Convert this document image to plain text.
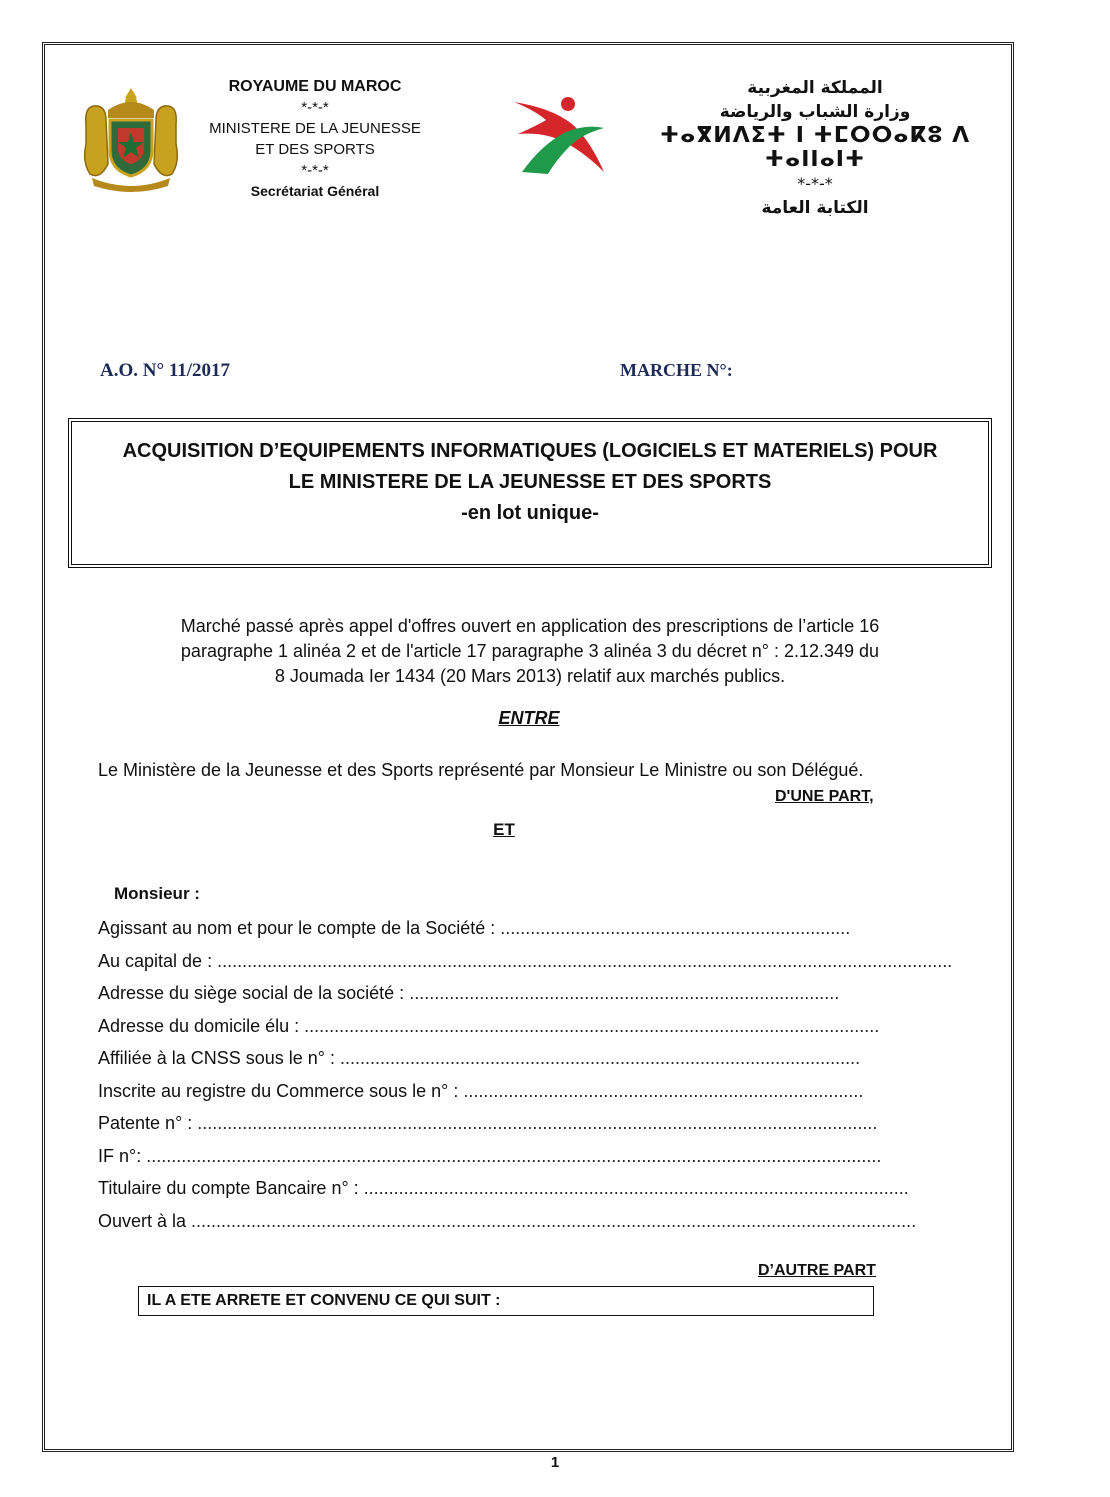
ROYAUME DU MAROC
*-*-*
MINISTERE DE LA JEUNESSE
ET DES SPORTS
*-*-*
Secrétariat Général
المملكة المغربية
وزارة الشباب والرياضة
ⵜⴰⴳⵍⴷⵉⵜ ⵏ ⵜⵎⵔⵔⴰⴽⵓ ⴷ ⵜⴰⵏⵏⴰⵏⵜ
*-*-*
الكتابة العامة
A.O. N° 11/2017	MARCHE N°:
ACQUISITION D’EQUIPEMENTS INFORMATIQUES (LOGICIELS ET MATERIELS) POUR
LE MINISTERE DE LA JEUNESSE ET DES SPORTS
-en lot unique-
Marché passé après appel d'offres ouvert en application des prescriptions de l’article 16
paragraphe 1 alinéa 2 et de l'article 17 paragraphe 3 alinéa 3 du décret n° : 2.12.349 du
8 Joumada Ier 1434 (20 Mars 2013) relatif aux marchés publics.
ENTRE
Le Ministère de la Jeunesse et des Sports représenté par Monsieur Le Ministre ou son Délégué.
D'UNE PART,
ET
Monsieur :
Agissant au nom et pour le compte de la Société : ......................................................................
Au capital de : ...................................................................................................................................................
Adresse du siège social de la société : ......................................................................................
Adresse du domicile élu : ...................................................................................................................
Affiliée à la CNSS sous le n° : ........................................................................................................
Inscrite au registre du Commerce sous le n° : ................................................................................
Patente n° : ........................................................................................................................................
IF n°: ...................................................................................................................................................
Titulaire du compte Bancaire n° : .............................................................................................................
Ouvert à la .................................................................................................................................................
D’AUTRE PART
IL A ETE ARRETE ET CONVENU CE QUI SUIT :
1
